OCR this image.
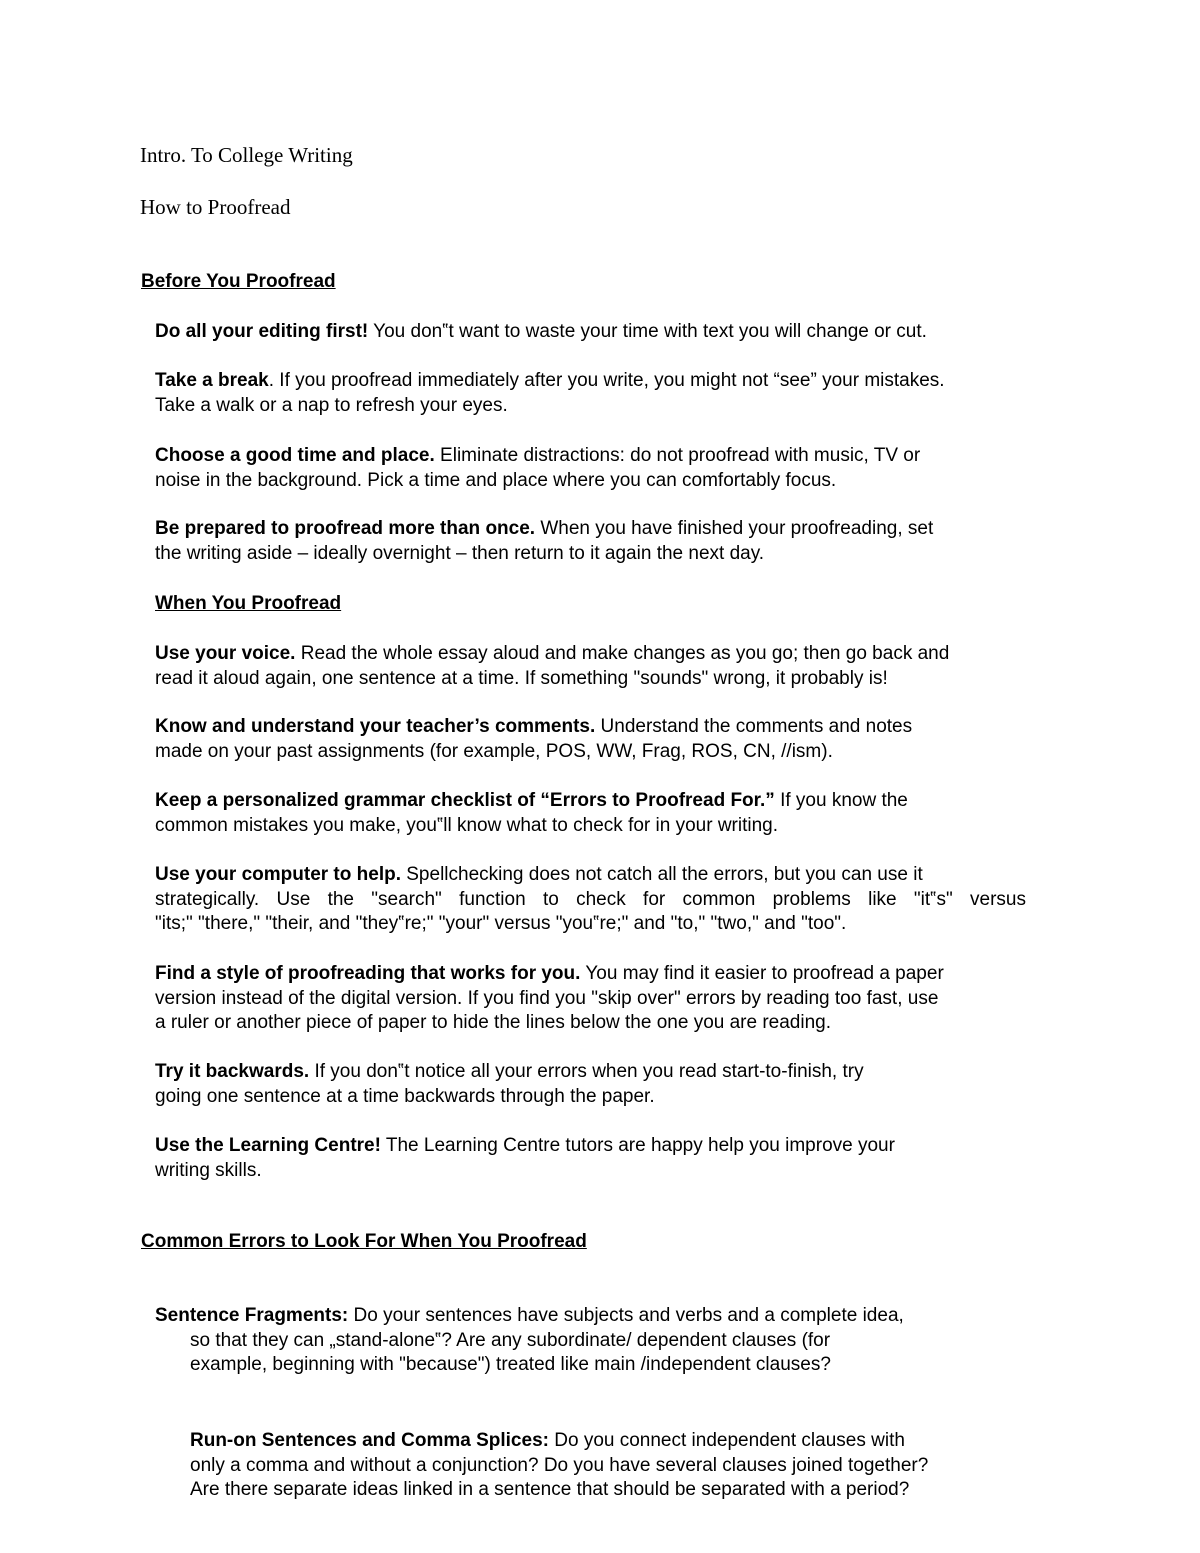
Intro. To College Writing
How to Proofread
Before You Proofread
When You Proofread
Common Errors to Look For When You Proofread
Do all your editing first! You don‟t want to waste your time with text you will change or cut.
Take a break. If you proofread immediately after you write, you might not “see” your mistakes.
Take a walk or a nap to refresh your eyes.
Choose a good time and place. Eliminate distractions: do not proofread with music, TV or
noise in the background. Pick a time and place where you can comfortably focus.
Be prepared to proofread more than once. When you have finished your proofreading, set
the writing aside – ideally overnight – then return to it again the next day.
Use your voice. Read the whole essay aloud and make changes as you go; then go back and
read it aloud again, one sentence at a time. If something "sounds" wrong, it probably is!
Know and understand your teacher’s comments. Understand the comments and notes
made on your past assignments (for example, POS, WW, Frag, ROS, CN, //ism).
Keep a personalized grammar checklist of “Errors to Proofread For.” If you know the
common mistakes you make, you‟ll know what to check for in your writing.
Use your computer to help. Spellchecking does not catch all the errors, but you can use it
strategically. Use the "search" function to check for common problems like "it‟s" versus
"its;" "there," "their, and "they‟re;" "your" versus "you‟re;" and "to," "two," and "too".
Find a style of proofreading that works for you. You may find it easier to proofread a paper
version instead of the digital version. If you find you "skip over" errors by reading too fast, use
a ruler or another piece of paper to hide the lines below the one you are reading.
Try it backwards. If you don‟t notice all your errors when you read start-to-finish, try
going one sentence at a time backwards through the paper.
Use the Learning Centre! The Learning Centre tutors are happy help you improve your
writing skills.
Sentence Fragments: Do your sentences have subjects and verbs and a complete idea,
so that they can „stand-alone‟? Are any subordinate/ dependent clauses (for
example, beginning with "because") treated like main /independent clauses?
Run-on Sentences and Comma Splices: Do you connect independent clauses with
only a comma and without a conjunction? Do you have several clauses joined together?
Are there separate ideas linked in a sentence that should be separated with a period?
